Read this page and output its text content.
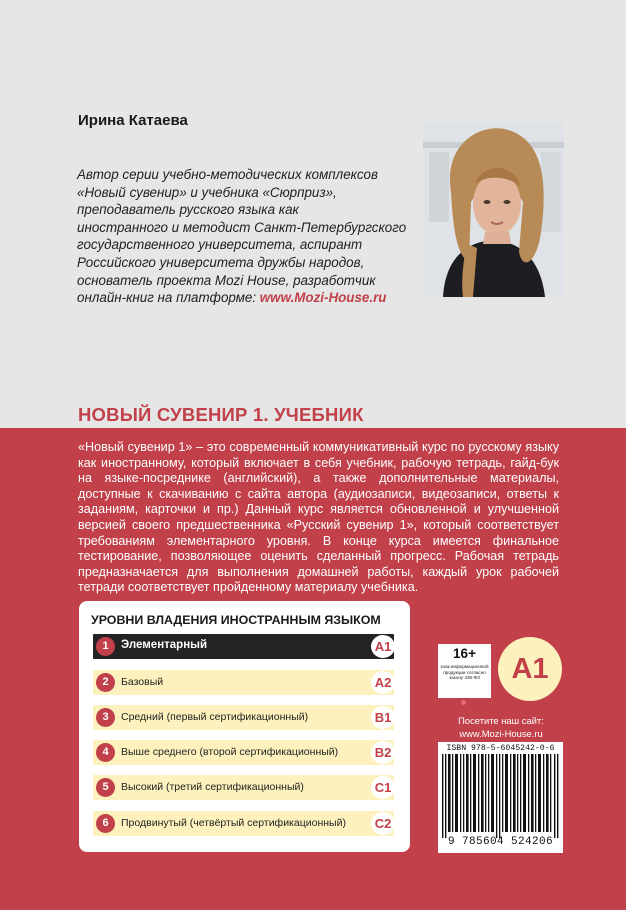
Ирина Катаева
Автор серии учебно-методических комплексов
«Новый сувенир» и учебника «Сюрприз»,
преподаватель русского языка как
иностранного и методист Санкт-Петербургского
государственного университета, аспирант
Российского университета дружбы народов,
основатель проекта Mozi House, разработчик
онлайн-книг на платформе: www.Mozi-House.ru
НОВЫЙ СУВЕНИР 1. УЧЕБНИК
«Новый сувенир 1» – это современный коммуникативный курс по русскому языку как иностранному, который включает в себя учебник, рабочую тетрадь, гайд-бук на языке-посреднике (английский), а также дополнительные материалы, доступные к скачиванию с сайта автора (аудиозаписи, видеозаписи, ответы к заданиям, карточки и пр.) Данный курс является обновленной и улучшенной версией своего предшественника «Русский сувенир 1», который соответствует требованиям элементарного уровня. В конце курса имеется финальное тестирование, позволяющее оценить сделанный прогресс. Рабочая тетрадь предназначается для выполнения домашней работы, каждый урок рабочей тетради соответствует пройденному материалу учебника.
УРОВНИ ВЛАДЕНИЯ ИНОСТРАННЫМ ЯЗЫКОМ
1	Элементарный	A1
2	Базовый	A2
3	Средний (первый сертификационный)	B1
4	Выше среднего (второй сертификационный)	B2
5	Высокий (третий сертификационный)	C1
6	Продвинутый (четвёртый сертификационный) C2
16+
знак информационной продукции согласно закону 436-ФЗ	A1
Посетите наш сайт:
www.Mozi-House.ru
ISBN 978-5-6045242-0-6
9 785604 524206
